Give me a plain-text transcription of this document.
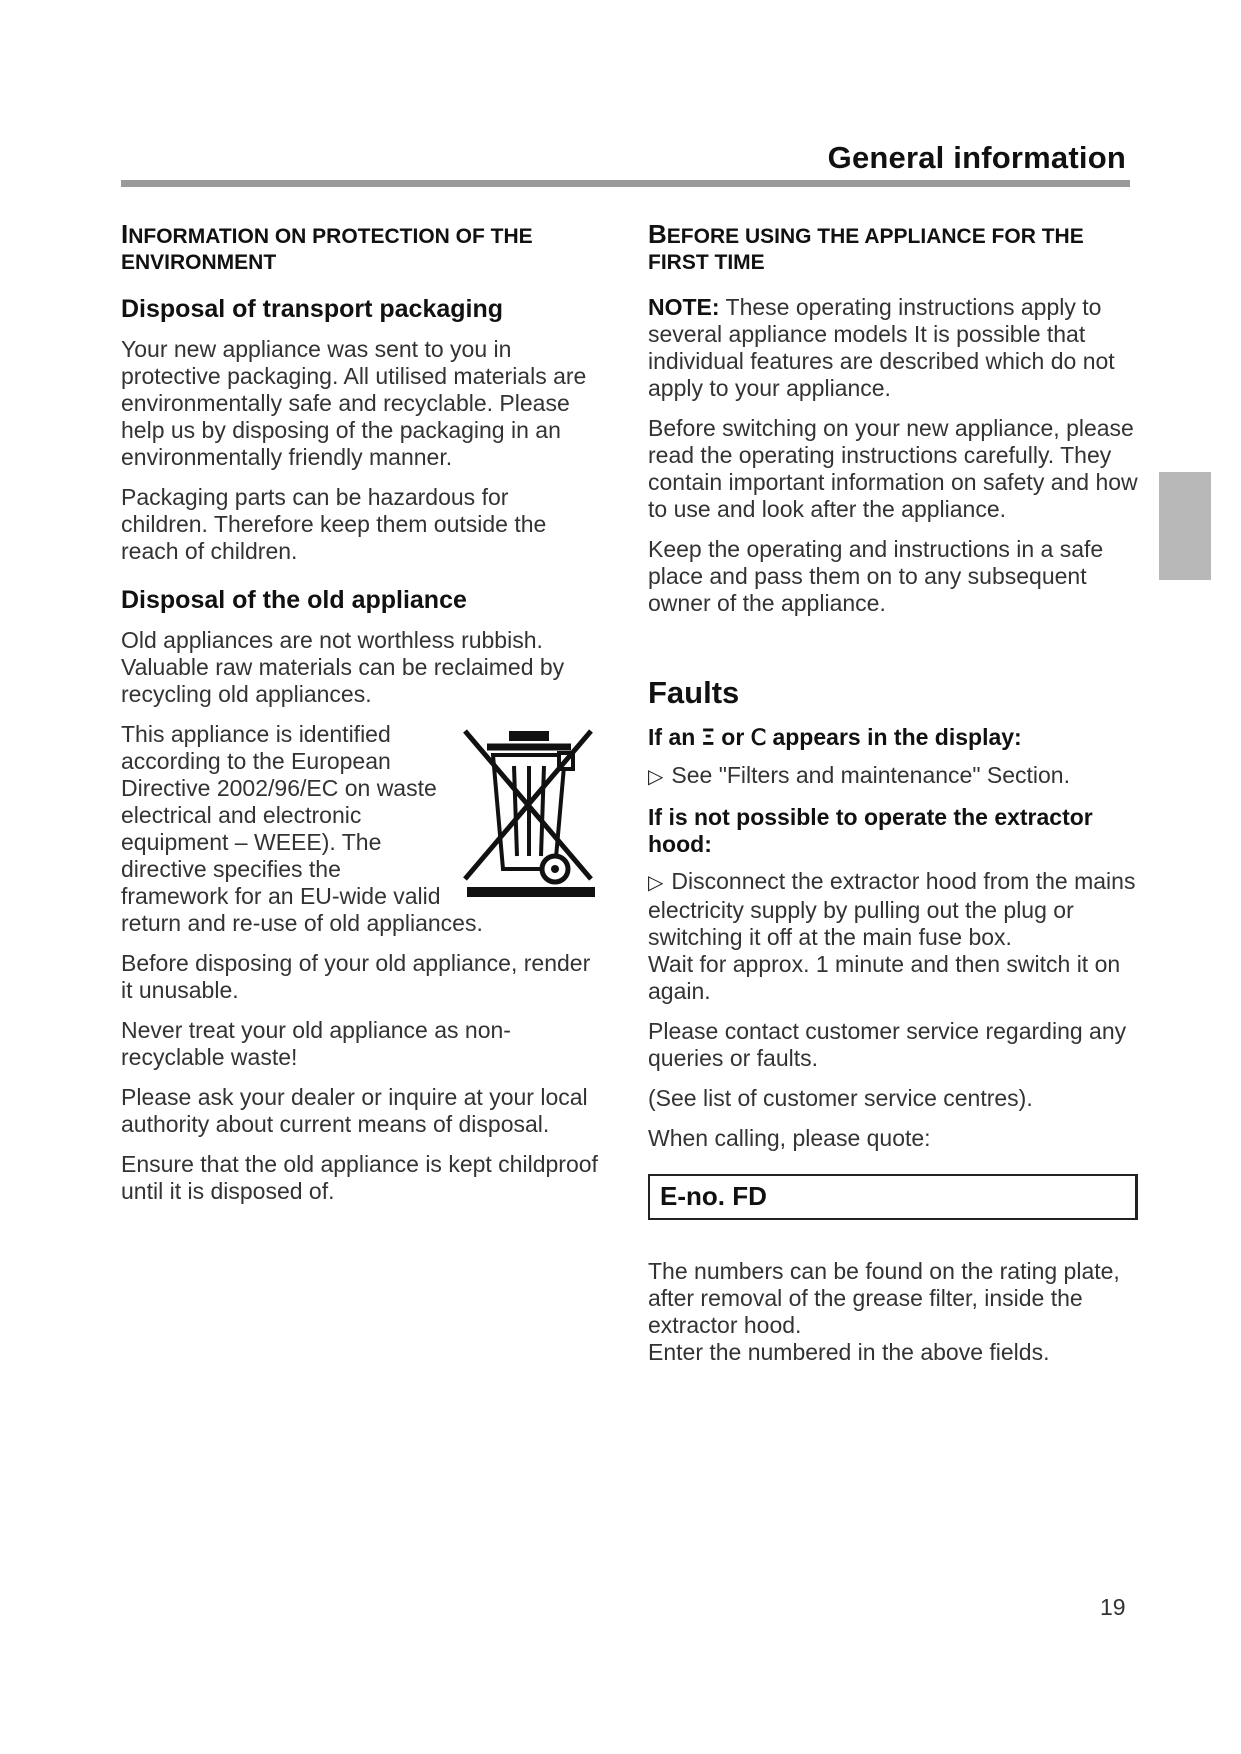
General information
INFORMATION ON PROTECTION OF THE ENVIRONMENT
Disposal of transport packaging

Your new appliance was sent to you in protective packaging. All utilised materials are environmentally safe and recyclable. Please help us by disposing of the packaging in an environmentally friendly manner.

Packaging parts can be hazardous for children. Therefore keep them outside the reach of children.

Disposal of the old appliance

Old appliances are not worthless rubbish. Valuable raw materials can be reclaimed by recycling old appliances.

This appliance is identified according to the European Directive 2002/96/EC on waste electrical and electronic equipment – WEEE). The directive specifies the framework for an EU-wide valid return and re-use of old appliances.

Before disposing of your old appliance, render it unusable.

Never treat your old appliance as non-recyclable waste!

Please ask your dealer or inquire at your local authority about current means of disposal.

Ensure that the old appliance is kept childproof until it is disposed of.

BEFORE USING THE APPLIANCE FOR THE FIRST TIME

NOTE: These operating instructions apply to several appliance models It is possible that individual features are described which do not apply to your appliance.

Before switching on your new appliance, please read the operating instructions carefully. They contain important information on safety and how to use and look after the appliance.

Keep the operating and instructions in a safe place and pass them on to any subsequent owner of the appliance.

Faults
If an Ξ or Ⅽ appears in the display:

▷ See "Filters and maintenance" Section.

If is not possible to operate the extractor hood:

▷ Disconnect the extractor hood from the mains electricity supply by pulling out the plug or switching it off at the main fuse box.

Wait for approx. 1 minute and then switch it on again.

Please contact customer service regarding any queries or faults.

(See list of customer service centres).

When calling, please quote:

E-no. FD

The numbers can be found on the rating plate, after removal of the grease filter, inside the extractor hood.

Enter the numbered in the above fields.

19
